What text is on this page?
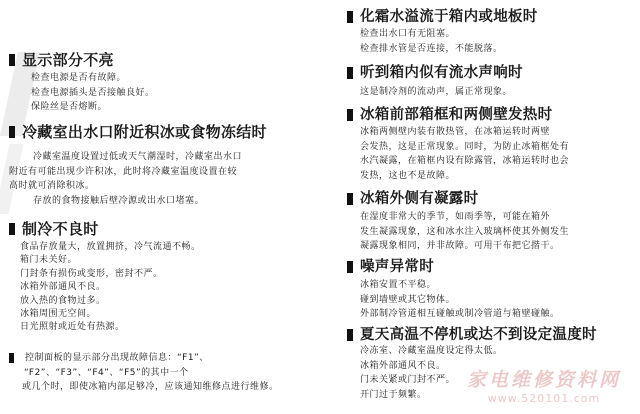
显示部分不亮
检查电源是否有故障。
检查电源插头是否接触良好。
保险丝是否熔断。
冷藏室出水口附近积冰或食物冻结时
冷藏室温度设置过低或天气潮湿时，冷藏室出水口
附近有可能出现少许积冰，此时将冷藏室温度设置在较
高时就可消除积冰。
存放的食物接触后壁冷源或出水口堵塞。
制冷不良时
食品存放量大，放置拥挤，冷气流通不畅。
箱门未关好。
门封条有损伤或变形，密封不严。
冰箱外部通风不良。
放入热的食物过多。
冰箱周围无空间。
日光照射或近处有热源。
控制面板的显示部分出现故障信息：“F1”、
“F2”、“F3”、“F4”、“F5”的其中一个
或几个时，即使冰箱内部足够冷，应该通知维修点进行维修。
化霜水溢流于箱内或地板时
检查出水口有无阻塞。
检查排水管是否连接，不能脱落。
听到箱内似有流水声响时
这是制冷剂的流动声，属正常现象。
冰箱前部箱框和两侧壁发热时
冰箱两侧壁内装有散热管，在冰箱运转时两壁
会发热，这是正常现象。同时，为防止冰箱框处有
水汽凝露，在箱框内设有除露管，冰箱运转时也会
发热，这也不是故障。
冰箱外侧有凝露时
在湿度非常大的季节，如雨季等，可能在箱外
发生凝露现象，这和冰水注入玻璃杯使其外侧发生
凝露现象相同，并非故障。可用干布把它揩干。
噪声异常时
冰箱安置不平稳。
碰到墙壁或其它物体。
外部制冷管道相互碰触或制冷管道与箱壁碰触。
夏天高温不停机或达不到设定温度时
冷冻室、冷藏室温度设定得太低。
冰箱外部通风不良。
门未关紧或门封不严。
开门过于频繁。
家电维修资料网
www.520101.com
